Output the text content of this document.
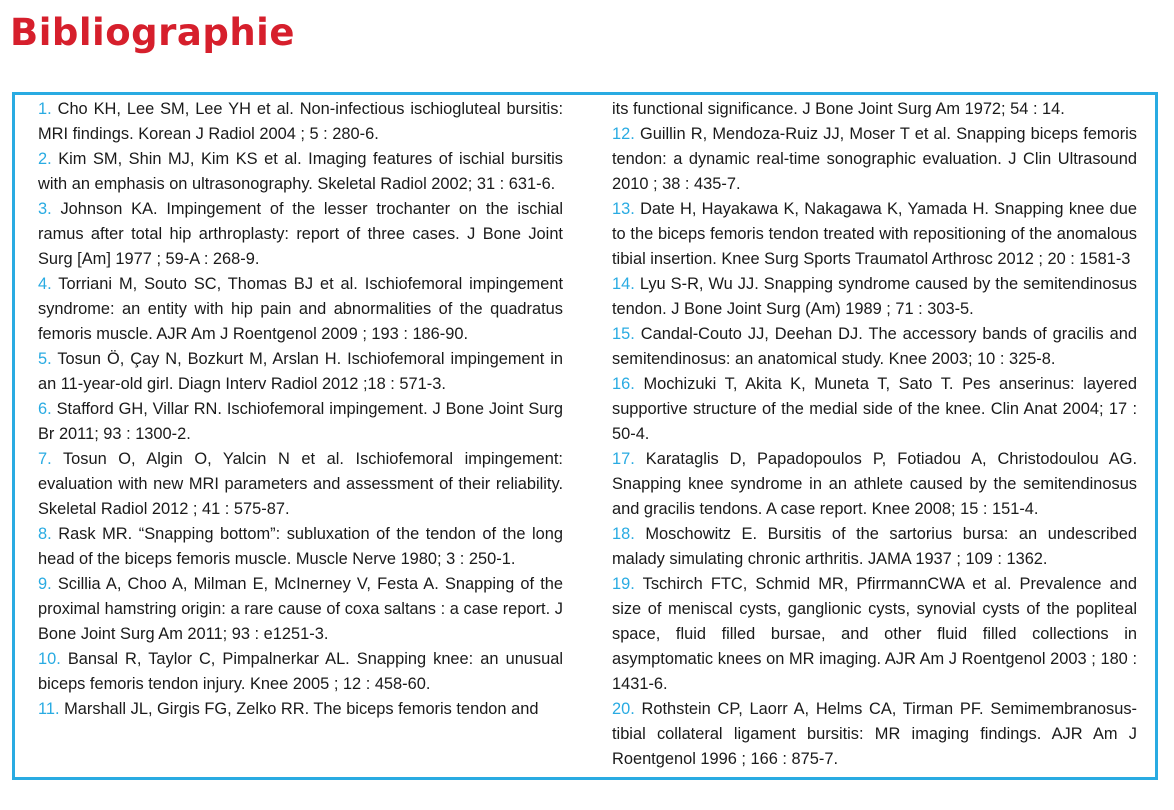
Bibliographie

1. Cho KH, Lee SM, Lee YH et al. Non-infectious ischiogluteal bursitis: MRI findings. Korean J Radiol 2004 ; 5 : 280-6.

2. Kim SM, Shin MJ, Kim KS et al. Imaging features of ischial bursitis with an emphasis on ultrasonography. Skeletal Radiol 2002; 31 : 631-6.

3. Johnson KA. Impingement of the lesser trochanter on the ischial ramus after total hip arthroplasty: report of three cases. J Bone Joint Surg [Am] 1977 ; 59-A : 268-9.

4. Torriani M, Souto SC, Thomas BJ et al. Ischiofemoral impingement syndrome: an entity with hip pain and abnormalities of the quadratus femoris muscle. AJR Am J Roentgenol 2009 ; 193 : 186-90.

5. Tosun Ö, Çay N, Bozkurt M, Arslan H. Ischiofemoral impingement in an 11-year-old girl. Diagn Interv Radiol 2012 ;18 : 571-3.

6. Stafford GH, Villar RN. Ischiofemoral impingement. J Bone Joint Surg Br 2011; 93 : 1300-2.

7. Tosun O, Algin O, Yalcin N et al. Ischiofemoral impingement: evaluation with new MRI parameters and assessment of their reliability. Skeletal Radiol 2012 ; 41 : 575-87.

8. Rask MR. “Snapping bottom”: subluxation of the tendon of the long head of the biceps femoris muscle. Muscle Nerve 1980; 3 : 250-1.

9. Scillia A, Choo A, Milman E, McInerney V, Festa A. Snapping of the proximal hamstring origin: a rare cause of coxa saltans : a case report. J Bone Joint Surg Am 2011; 93 : e1251-3.

10. Bansal R, Taylor C, Pimpalnerkar AL. Snapping knee: an unusual biceps femoris tendon injury. Knee 2005 ; 12 : 458-60.

11. Marshall JL, Girgis FG, Zelko RR. The biceps femoris tendon and

its functional significance. J Bone Joint Surg Am 1972; 54 : 14.

12. Guillin R, Mendoza-Ruiz JJ, Moser T et al. Snapping biceps femoris tendon: a dynamic real-time sonographic evaluation. J Clin Ultrasound 2010 ; 38 : 435-7.

13. Date H, Hayakawa K, Nakagawa K, Yamada H. Snapping knee due to the biceps femoris tendon treated with repositioning of the anomalous tibial insertion. Knee Surg Sports Traumatol Arthrosc 2012 ; 20 : 1581-3

14. Lyu S-R, Wu JJ. Snapping syndrome caused by the semitendinosus tendon. J Bone Joint Surg (Am) 1989 ; 71 : 303-5.

15. Candal-Couto JJ, Deehan DJ. The accessory bands of gracilis and semitendinosus: an anatomical study. Knee 2003; 10 : 325-8.

16. Mochizuki T, Akita K, Muneta T, Sato T. Pes anserinus: layered supportive structure of the medial side of the knee. Clin Anat 2004; 17 : 50-4.

17. Karataglis D, Papadopoulos P, Fotiadou A, Christodoulou AG. Snapping knee syndrome in an athlete caused by the semitendinosus and gracilis tendons. A case report. Knee 2008; 15 : 151-4.

18. Moschowitz E. Bursitis of the sartorius bursa: an undescribed malady simulating chronic arthritis. JAMA 1937 ; 109 : 1362.

19. Tschirch FTC, Schmid MR, PfirrmannCWA et al. Prevalence and size of meniscal cysts, ganglionic cysts, synovial cysts of the popliteal space, fluid filled bursae, and other fluid filled collections in asymptomatic knees on MR imaging. AJR Am J Roentgenol 2003 ; 180 : 1431-6.

20. Rothstein CP, Laorr A, Helms CA, Tirman PF. Semimembranosus-tibial collateral ligament bursitis: MR imaging findings. AJR Am J Roentgenol 1996 ; 166 : 875-7.
